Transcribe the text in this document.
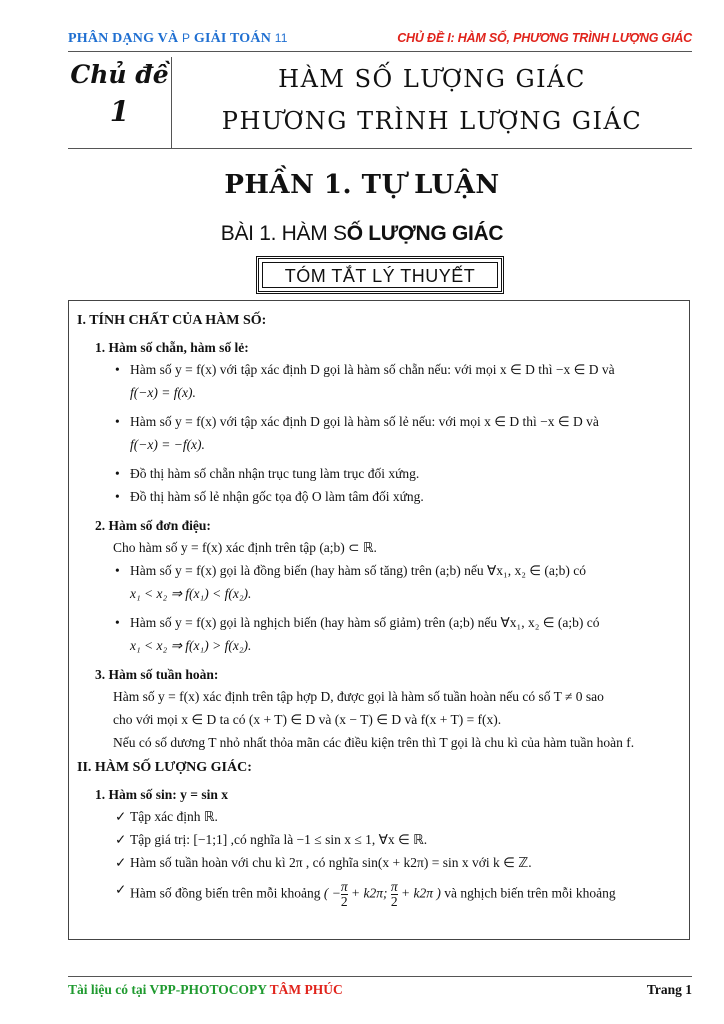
PHÂN DẠNG VÀ P GIẢI TOÁN 11	CHỦ ĐỀ I: HÀM SỐ, PHƯƠNG TRÌNH LƯỢNG GIÁC
Chủ đề
1
HÀM SỐ LƯỢNG GIÁC
PHƯƠNG TRÌNH LƯỢNG GIÁC
PHẦN 1. TỰ LUẬN
BÀI 1. HÀM SỐ LƯỢNG GIÁC
TÓM TẮT LÝ THUYẾT
I. TÍNH CHẤT CỦA HÀM SỐ:
1. Hàm số chẵn, hàm số lẻ:
• Hàm số y = f(x) với tập xác định D gọi là hàm số chẵn nếu: với mọi x ∈ D thì −x ∈ D và
f(−x) = f(x).
• Hàm số y = f(x) với tập xác định D gọi là hàm số lẻ nếu: với mọi x ∈ D thì −x ∈ D và
f(−x) = −f(x).
• Đồ thị hàm số chẵn nhận trục tung làm trục đối xứng.
• Đồ thị hàm số lẻ nhận gốc tọa độ O làm tâm đối xứng.
2. Hàm số đơn điệu:
Cho hàm số y = f(x) xác định trên tập (a;b) ⊂ ℝ.
• Hàm số y = f(x) gọi là đồng biến (hay hàm số tăng) trên (a;b) nếu ∀x₁, x₂ ∈ (a;b) có
x₁ < x₂ ⇒ f(x₁) < f(x₂).
• Hàm số y = f(x) gọi là nghịch biến (hay hàm số giảm) trên (a;b) nếu ∀x₁, x₂ ∈ (a;b) có
x₁ < x₂ ⇒ f(x₁) > f(x₂).
3. Hàm số tuần hoàn:
Hàm số y = f(x) xác định trên tập hợp D, được gọi là hàm số tuần hoàn nếu có số T ≠ 0 sao
cho với mọi x ∈ D ta có (x + T) ∈ D và (x − T) ∈ D và f(x + T) = f(x).
Nếu có số dương T nhỏ nhất thỏa mãn các điều kiện trên thì T gọi là chu kì của hàm tuần hoàn f.
II. HÀM SỐ LƯỢNG GIÁC:
1. Hàm số sin: y = sin x
✓ Tập xác định ℝ.
✓ Tập giá trị: [−1;1] ,có nghĩa là −1 ≤ sin x ≤ 1, ∀x ∈ ℝ.
✓ Hàm số tuần hoàn với chu kì 2π , có nghĩa sin(x + k2π) = sin x với k ∈ ℤ.
✓ Hàm số đồng biến trên mỗi khoảng ( − $\frac{\pi}{2} + k2\pi$; $\frac{\pi}{2} + k2\pi$ ) và nghịch biến trên mỗi khoảng
Tài liệu có tại VPP-PHOTOCOPY TÂM PHÚC	Trang 1
